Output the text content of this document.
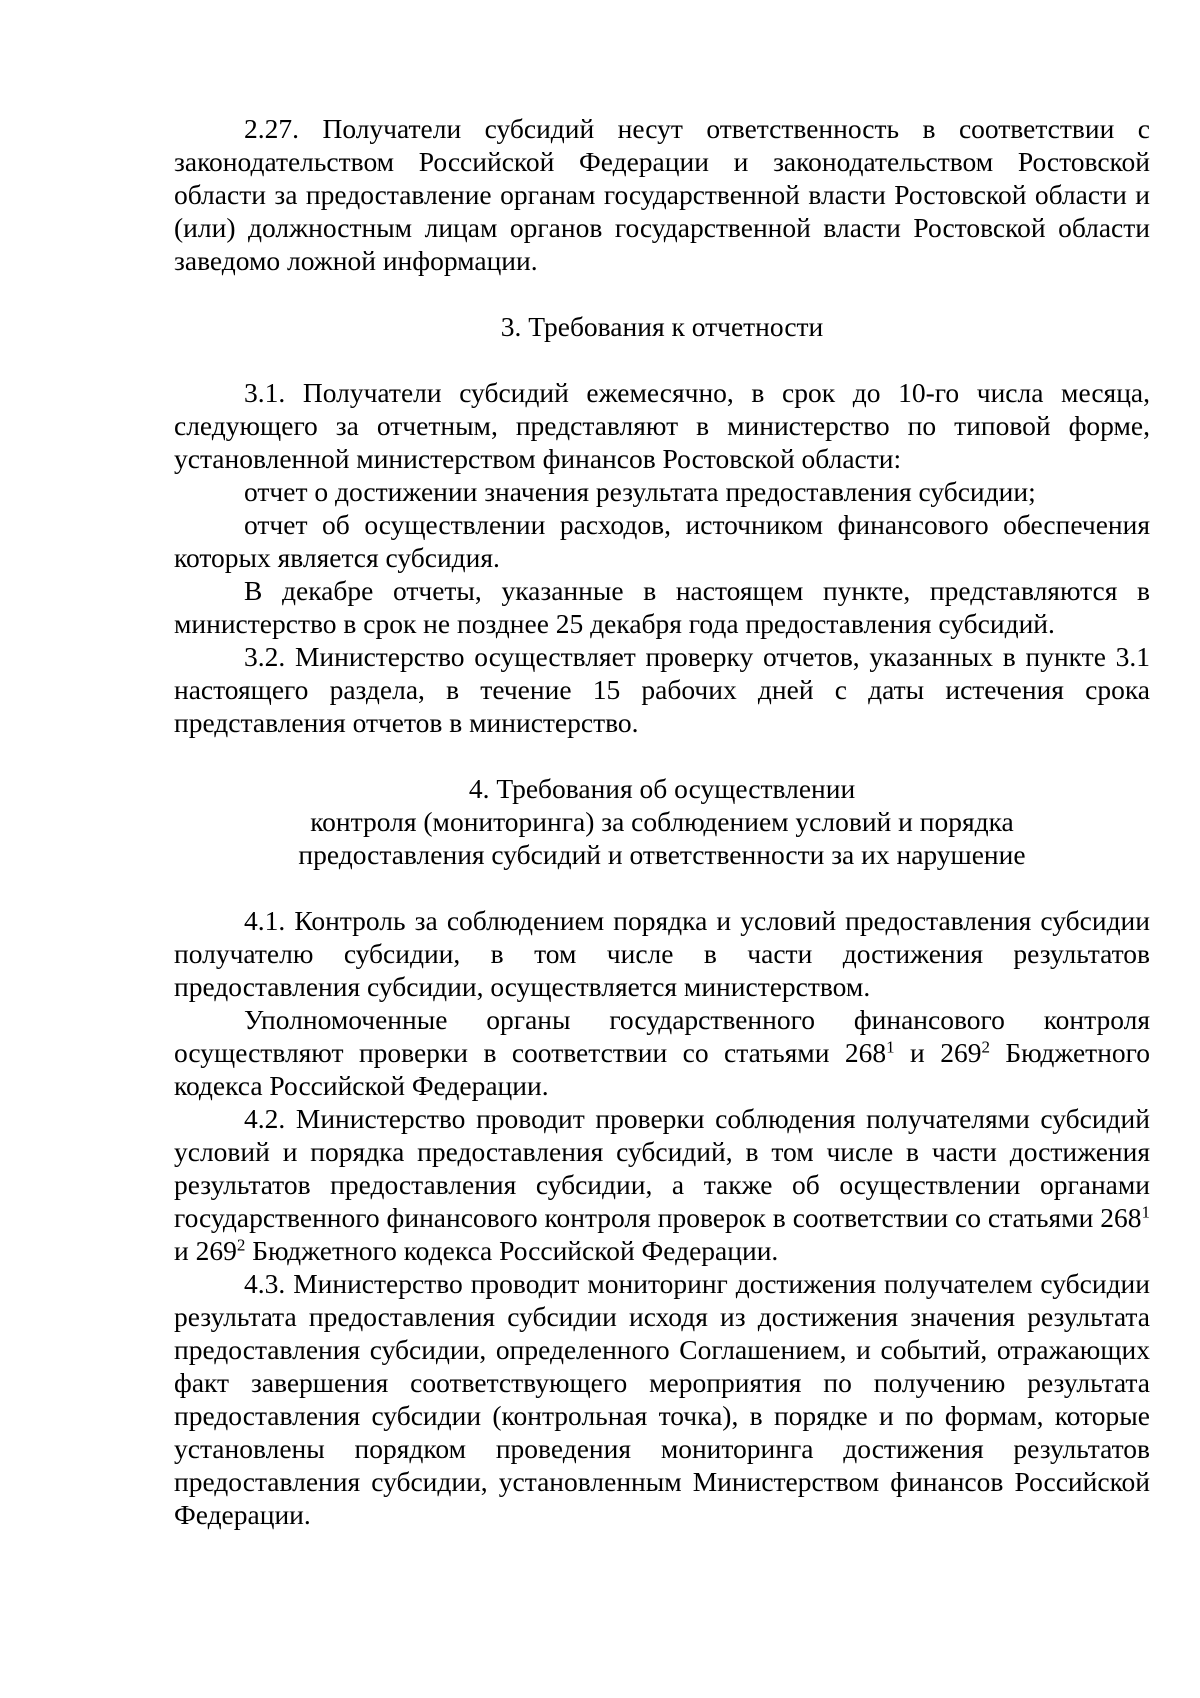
2.27. Получатели субсидий несут ответственность в соответствии с законодательством Российской Федерации и законодательством Ростовской области за предоставление органам государственной власти Ростовской области и (или) должностным лицам органов государственной власти Ростовской области заведомо ложной информации.

3. Требования к отчетности

3.1. Получатели субсидий ежемесячно, в срок до 10-го числа месяца, следующего за отчетным, представляют в министерство по типовой форме, установленной министерством финансов Ростовской области:

отчет о достижении значения результата предоставления субсидии;

отчет об осуществлении расходов, источником финансового обеспечения которых является субсидия.

В декабре отчеты, указанные в настоящем пункте, представляются в министерство в срок не позднее 25 декабря года предоставления субсидий.

3.2. Министерство осуществляет проверку отчетов, указанных в пункте 3.1 настоящего раздела, в течение 15 рабочих дней с даты истечения срока представления отчетов в министерство.

4. Требования об осуществлении
контроля (мониторинга) за соблюдением условий и порядка
предоставления субсидий и ответственности за их нарушение

4.1. Контроль за соблюдением порядка и условий предоставления субсидии получателю субсидии, в том числе в части достижения результатов предоставления субсидии, осуществляется министерством.

Уполномоченные органы государственного финансового контроля осуществляют проверки в соответствии со статьями $268^1$ и $269^2$ Бюджетного кодекса Российской Федерации.

4.2. Министерство проводит проверки соблюдения получателями субсидий условий и порядка предоставления субсидий, в том числе в части достижения результатов предоставления субсидии, а также об осуществлении органами государственного финансового контроля проверок в соответствии со статьями $268^1$ и $269^2$ Бюджетного кодекса Российской Федерации.

4.3. Министерство проводит мониторинг достижения получателем субсидии результата предоставления субсидии исходя из достижения значения результата предоставления субсидии, определенного Соглашением, и событий, отражающих факт завершения соответствующего мероприятия по получению результата предоставления субсидии (контрольная точка), в порядке и по формам, которые установлены порядком проведения мониторинга достижения результатов предоставления субсидии, установленным Министерством финансов Российской Федерации.
